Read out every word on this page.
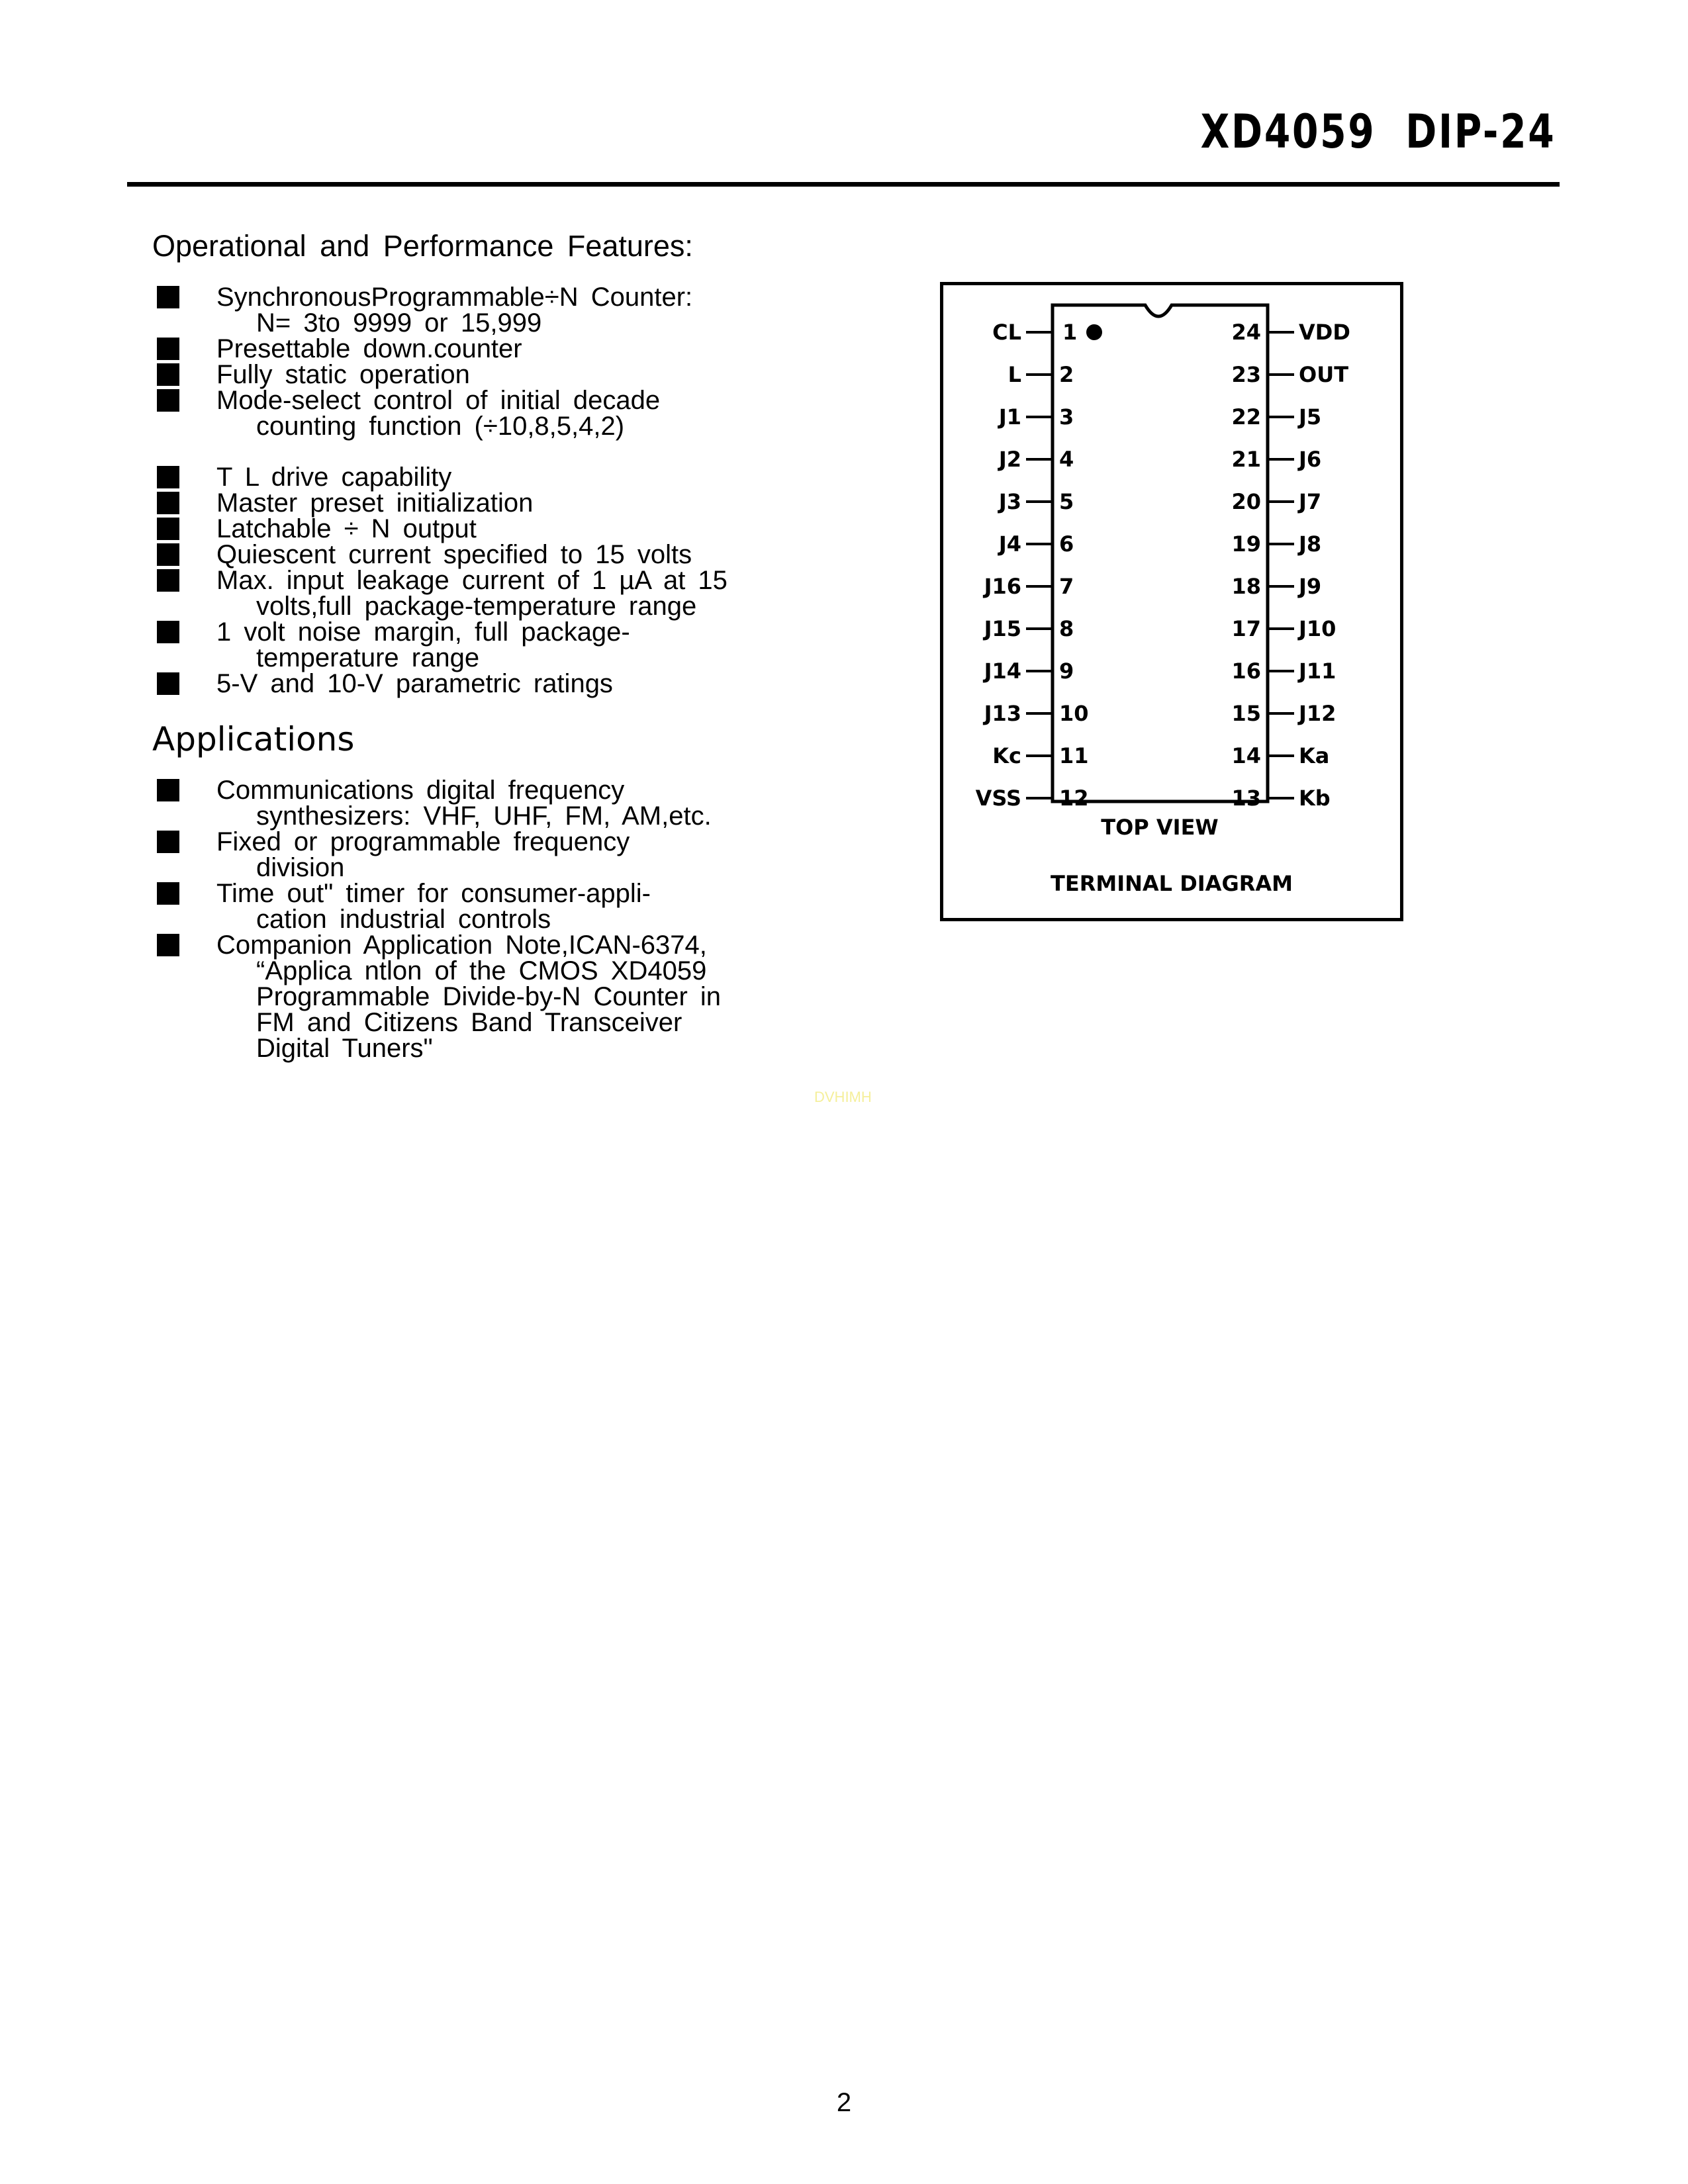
XD4059  DIP-24
Operational and Performance Features:
SynchronousProgrammable÷N Counter:
N= 3to 9999 or 15,999
Presettable down.counter
Fully static operation
Mode-select control of initial decade
counting function (÷10,8,5,4,2)
T L drive capability
Master preset initialization
Latchable ÷ N output
Quiescent current specified to 15 volts
Max. input leakage current of 1 µA at 15
volts,full package-temperature range
1 volt noise margin, full package-
temperature range
5-V and 10-V parametric ratings
Applications
Communications digital frequency
synthesizers: VHF, UHF, FM, AM,etc.
Fixed or programmable frequency
division
Time out" timer for consumer-appli-
cation industrial controls
Companion Application Note,ICAN-6374,
“Applica ntlon of the CMOS XD4059
Programmable Divide-by-N Counter in
FM and Citizens Band Transceiver
Digital Tuners"
TOP VIEW
TERMINAL DIAGRAM
CL 1
L 2
J1 3
J2 4
J3 5
J4 6
J16 7
J15 8
J14 9
J13 10
Kc 11
VSS 12
24 VDD
23 OUT
22 J5
21 J6
20 J7
19 J8
18 J9
17 J10
16 J11
15 J12
14 Ka
13 Kb
DVHIMH
2
